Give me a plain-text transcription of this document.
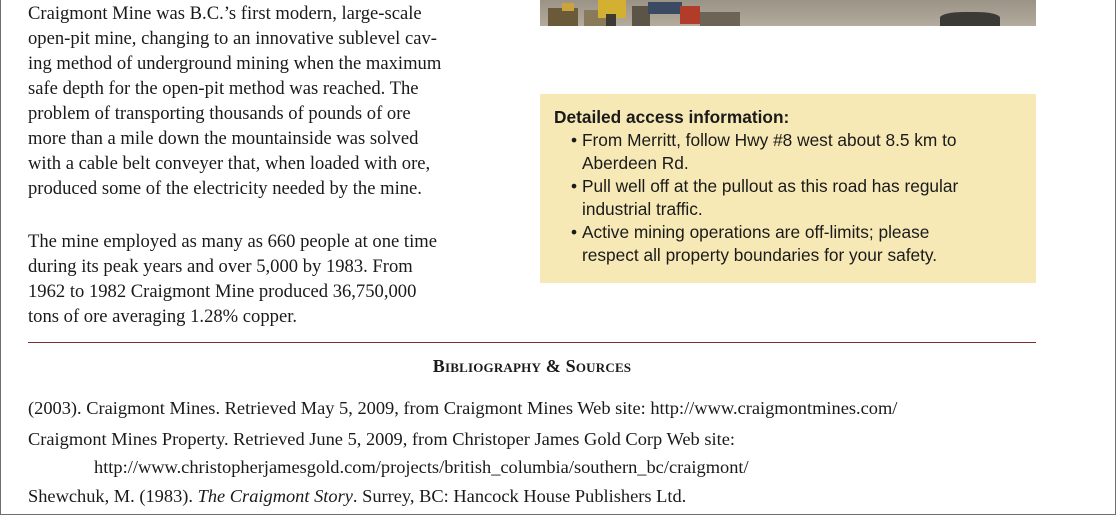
Craigmont Mine was B.C.’s first modern, large-scale
open-pit mine, changing to an innovative sublevel cav-
ing method of underground mining when the maximum
safe depth for the open-pit method was reached. The
problem of transporting thousands of pounds of ore
more than a mile down the mountainside was solved
with a cable belt conveyer that, when loaded with ore,
produced some of the electricity needed by the mine.

The mine employed as many as 660 people at one time
during its peak years and over 5,000 by 1983. From
1962 to 1982 Craigmont Mine produced 36,750,000
tons of ore averaging 1.28% copper.

Detailed access information:

• From Merritt, follow Hwy #8 west about 8.5 km to
Aberdeen Rd.
• Pull well off at the pullout as this road has regular
industrial traffic.
• Active mining operations are off-limits; please
respect all property boundaries for your safety.
Bibliography & Sources

(2003). Craigmont Mines. Retrieved May 5, 2009, from Craigmont Mines Web site: http://www.craigmontmines.com/

Craigmont Mines Property. Retrieved June 5, 2009, from Christoper James Gold Corp Web site:
http://www.christopherjamesgold.com/projects/british_columbia/southern_bc/craigmont/

Shewchuk, M. (1983). The Craigmont Story. Surrey, BC: Hancock House Publishers Ltd.
